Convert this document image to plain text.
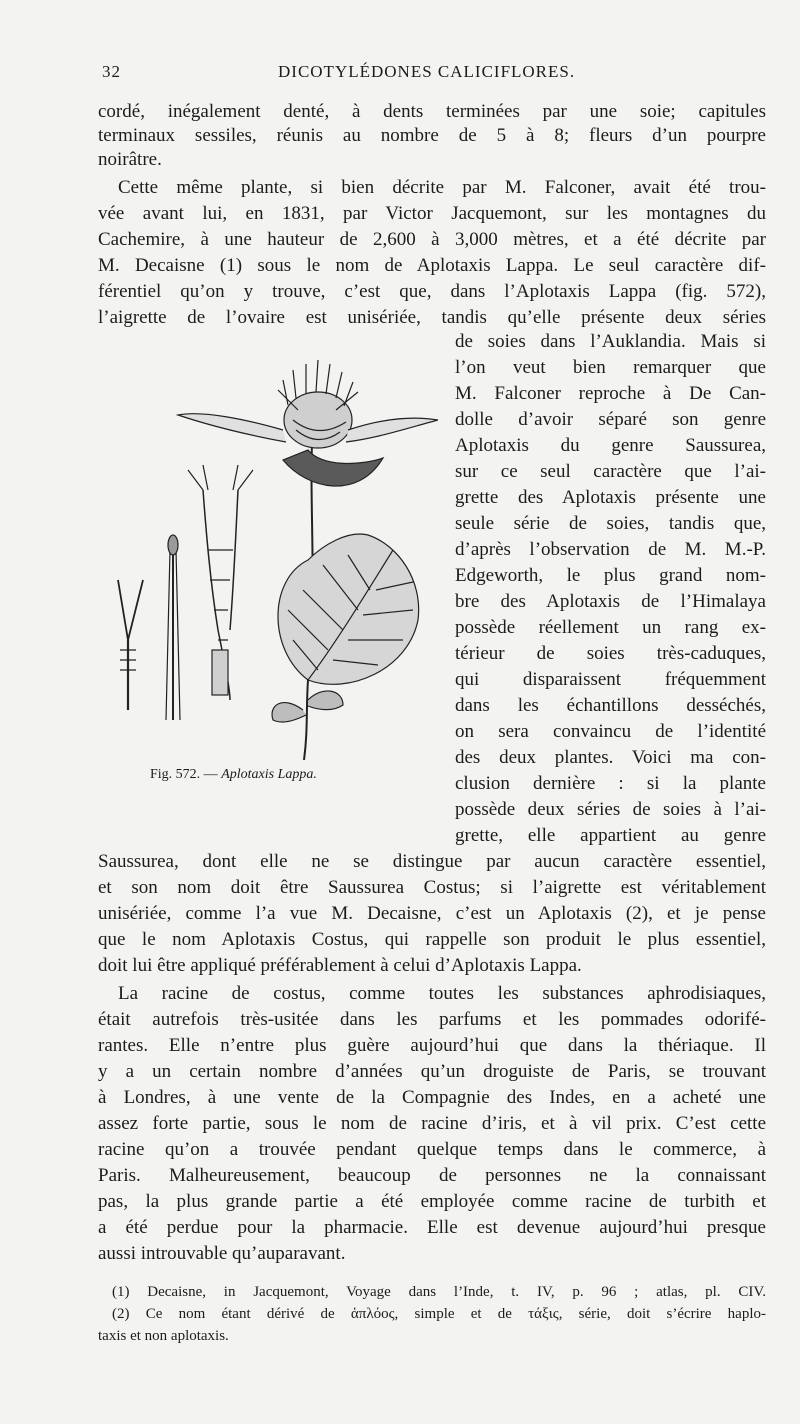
32	DICOTYLÉDONES CALICIFLORES.
cordé, inégalement denté, à dents terminées par une soie; capitules
terminaux sessiles, réunis au nombre de 5 à 8; fleurs d’un pourpre
noirâtre.
Cette même plante, si bien décrite par M. Falconer, avait été trou-
vée avant lui, en 1831, par Victor Jacquemont, sur les montagnes du
Cachemire, à une hauteur de 2,600 à 3,000 mètres, et a été décrite par
M. Decaisne (1) sous le nom de Aplotaxis Lappa. Le seul caractère dif-
férentiel qu’on y trouve, c’est que, dans l’Aplotaxis Lappa (fig. 572),
l’aigrette de l’ovaire est unisériée, tandis qu’elle présente deux séries
de soies dans l’Auklandia. Mais si
l’on veut bien remarquer que
M. Falconer reproche à De Can-
dolle d’avoir séparé son genre
Aplotaxis du genre Saussurea,
sur ce seul caractère que l’ai-
grette des Aplotaxis présente une
seule série de soies, tandis que,
d’après l’observation de M. M.-P.
Edgeworth, le plus grand nom-
bre des Aplotaxis de l’Himalaya
possède réellement un rang ex-
térieur de soies très-caduques,
qui disparaissent fréquemment
dans les échantillons desséchés,
on sera convaincu de l’identité
des deux plantes. Voici ma con-
clusion dernière : si la plante
possède deux séries de soies à l’ai-
grette, elle appartient au genre
Saussurea, dont elle ne se distingue par aucun caractère essentiel,
et son nom doit être Saussurea Costus; si l’aigrette est véritablement
unisériée, comme l’a vue M. Decaisne, c’est un Aplotaxis (2), et je pense
que le nom Aplotaxis Costus, qui rappelle son produit le plus essentiel,
doit lui être appliqué préférablement à celui d’Aplotaxis Lappa.
La racine de costus, comme toutes les substances aphrodisiaques,
était autrefois très-usitée dans les parfums et les pommades odorifé-
rantes. Elle n’entre plus guère aujourd’hui que dans la thériaque. Il
y a un certain nombre d’années qu’un droguiste de Paris, se trouvant
à Londres, à une vente de la Compagnie des Indes, en a acheté une
assez forte partie, sous le nom de racine d’iris, et à vil prix. C’est cette
racine qu’on a trouvée pendant quelque temps dans le commerce, à
Paris. Malheureusement, beaucoup de personnes ne la connaissant
pas, la plus grande partie a été employée comme racine de turbith et
a été perdue pour la pharmacie. Elle est devenue aujourd’hui presque
aussi introuvable qu’auparavant.
(1) Decaisne, in Jacquemont, Voyage dans l’Inde, t. IV, p. 96 ; atlas, pl. CIV.
(2) Ce nom étant dérivé de ἁπλόος, simple et de τάξις, série, doit s’écrire haplo-
taxis et non aplotaxis.
Fig. 572. — Aplotaxis Lappa.
